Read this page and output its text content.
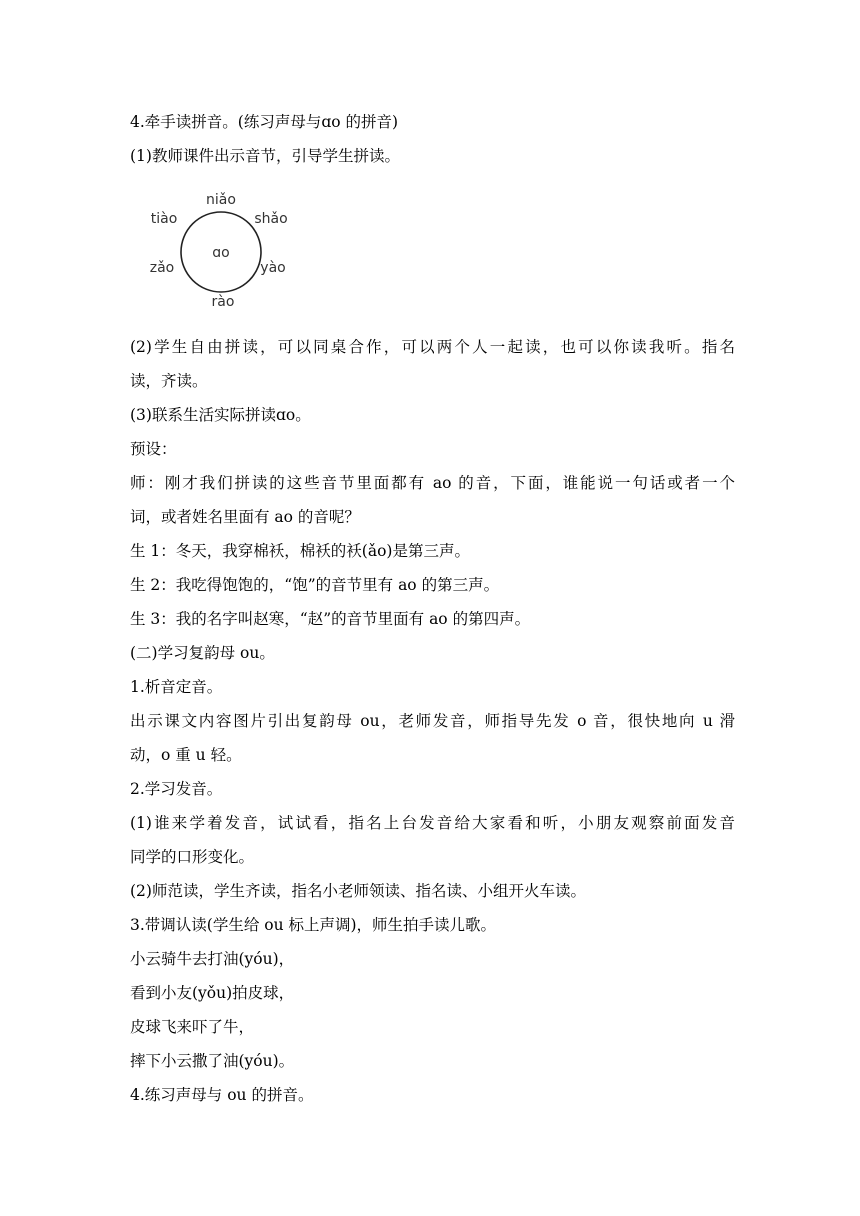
4.牵手读拼音。(练习声母与ɑo 的拼音)
(1)教师课件出示音节，引导学生拼读。
ɑo
niǎo
tiào	shǎo
zǎo	yào
rào
(2)学生自由拼读，可以同桌合作，可以两个人一起读，也可以你读我听。指名
读，齐读。
(3)联系生活实际拼读ɑo。
预设：
师：刚才我们拼读的这些音节里面都有 ao 的音，下面，谁能说一句话或者一个
词，或者姓名里面有 ao 的音呢？
生 1：冬天，我穿棉袄，棉袄的袄(ǎo)是第三声。
生 2：我吃得饱饱的，“饱”的音节里有 ao 的第三声。
生 3：我的名字叫赵寒，“赵”的音节里面有 ao 的第四声。
(二)学习复韵母 ou。
1.析音定音。
出示课文内容图片引出复韵母 ou，老师发音，师指导先发 o 音，很快地向 u 滑
动，o 重 u 轻。
2.学习发音。
(1)谁来学着发音，试试看，指名上台发音给大家看和听，小朋友观察前面发音
同学的口形变化。
(2)师范读，学生齐读，指名小老师领读、指名读、小组开火车读。
3.带调认读(学生给 ou 标上声调)，师生拍手读儿歌。
小云骑牛去打油(yóu)，
看到小友(yǒu)拍皮球，
皮球飞来吓了牛，
摔下小云撒了油(yóu)。
4.练习声母与 ou 的拼音。
